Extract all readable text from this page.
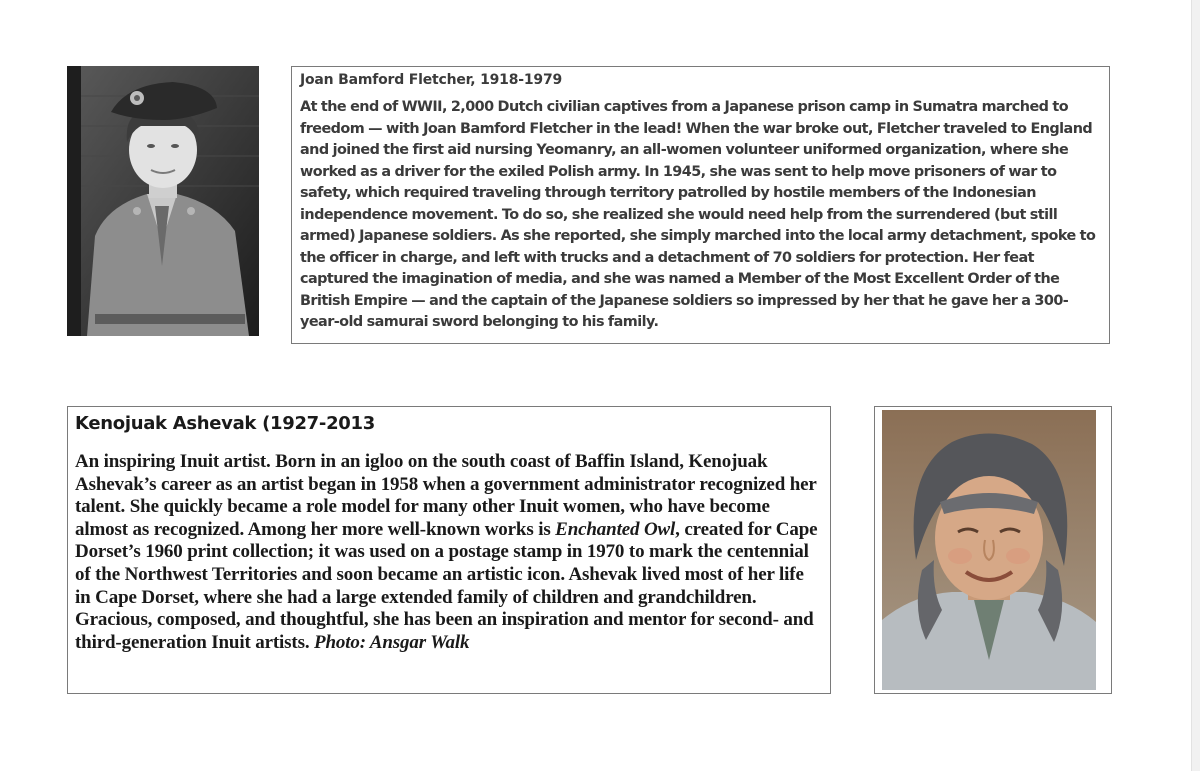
Joan Bamford Fletcher, 1918-1979
At the end of WWII, 2,000 Dutch civilian captives from a Japanese prison camp in Sumatra marched to freedom — with Joan Bamford Fletcher in the lead! When the war broke out, Fletcher traveled to England and joined the first aid nursing Yeomanry, an all-women volunteer uniformed organization, where she worked as a driver for the exiled Polish army. In 1945, she was sent to help move prisoners of war to safety, which required traveling through territory patrolled by hostile members of the Indonesian independence movement. To do so, she realized she would need help from the surrendered (but still armed) Japanese soldiers. As she reported, she simply marched into the local army detachment, spoke to the officer in charge, and left with trucks and a detachment of 70 soldiers for protection. Her feat captured the imagination of media, and she was named a Member of the Most Excellent Order of the British Empire — and the captain of the Japanese soldiers so impressed by her that he gave her a 300-year-old samurai sword belonging to his family.
Kenojuak Ashevak (1927-2013
An inspiring Inuit artist. Born in an igloo on the south coast of Baffin Island, Kenojuak Ashevak’s career as an artist began in 1958 when a government administrator recognized her talent. She quickly became a role model for many other Inuit women, who have become almost as recognized. Among her more well-known works is Enchanted Owl, created for Cape Dorset’s 1960 print collection; it was used on a postage stamp in 1970 to mark the centennial of the Northwest Territories and soon became an artistic icon. Ashevak lived most of her life in Cape Dorset, where she had a large extended family of children and grandchildren. Gracious, composed, and thoughtful, she has been an inspiration and mentor for second- and third-generation Inuit artists. Photo: Ansgar Walk
